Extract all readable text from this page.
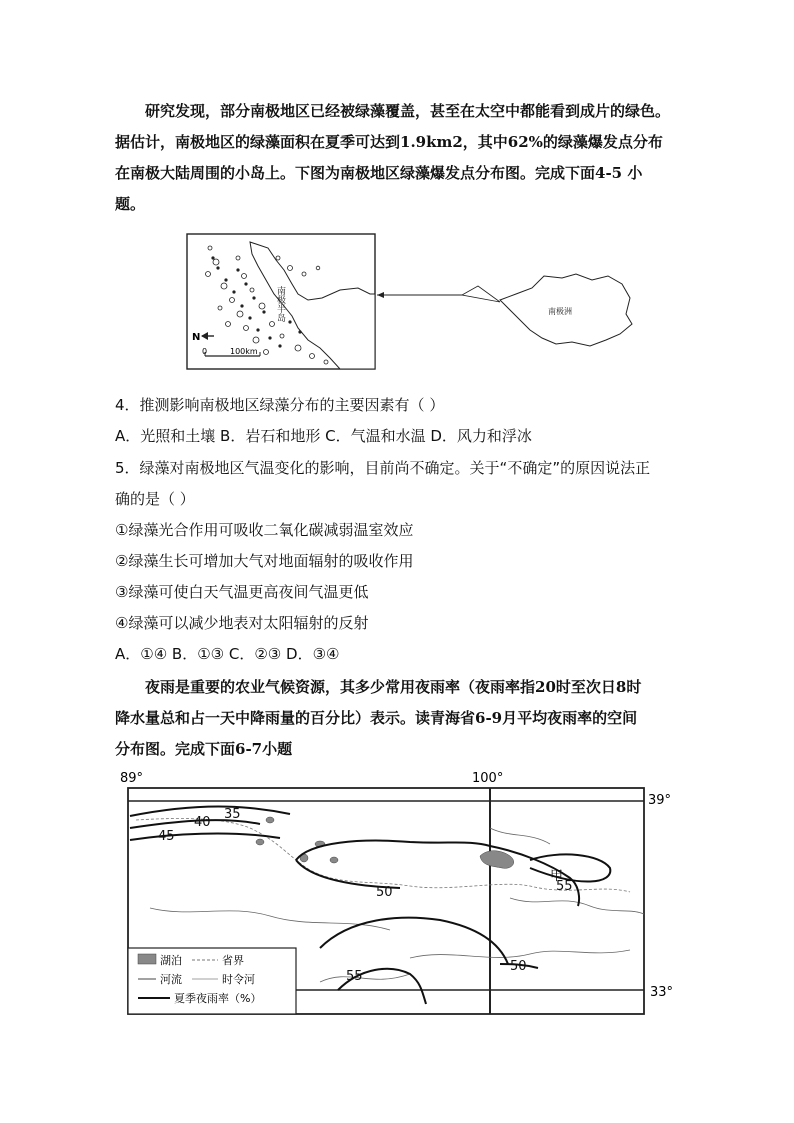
研究发现，部分南极地区已经被绿藻覆盖，甚至在太空中都能看到成片的绿色。
据估计，南极地区的绿藻面积在夏季可达到1.9km2，其中62%的绿藻爆发点分布
在南极大陆周围的小岛上。下图为南极地区绿藻爆发点分布图。完成下面4-5 小
题。
南极半岛
N
0	100km
南极洲
4．推测影响南极地区绿藻分布的主要因素有（ ）
A．光照和土壤 B．岩石和地形 C．气温和水温 D．风力和浮冰
5．绿藻对南极地区气温变化的影响，目前尚不确定。关于“不确定”的原因说法正
确的是（ ）
①绿藻光合作用可吸收二氧化碳减弱温室效应
②绿藻生长可增加大气对地面辐射的吸收作用
③绿藻可使白天气温更高夜间气温更低
④绿藻可以减少地表对太阳辐射的反射
A．①④ B．①③ C．②③ D．③④
夜雨是重要的农业气候资源，其多少常用夜雨率（夜雨率指20时至次日8时
降水量总和占一天中降雨量的百分比）表示。读青海省6-9月平均夜雨率的空间
分布图。完成下面6-7小题
89°	100°
39°
33°
35
40
45
50	55
50
55
甲
湖泊	省界
河流	时令河
夏季夜雨率（%）
